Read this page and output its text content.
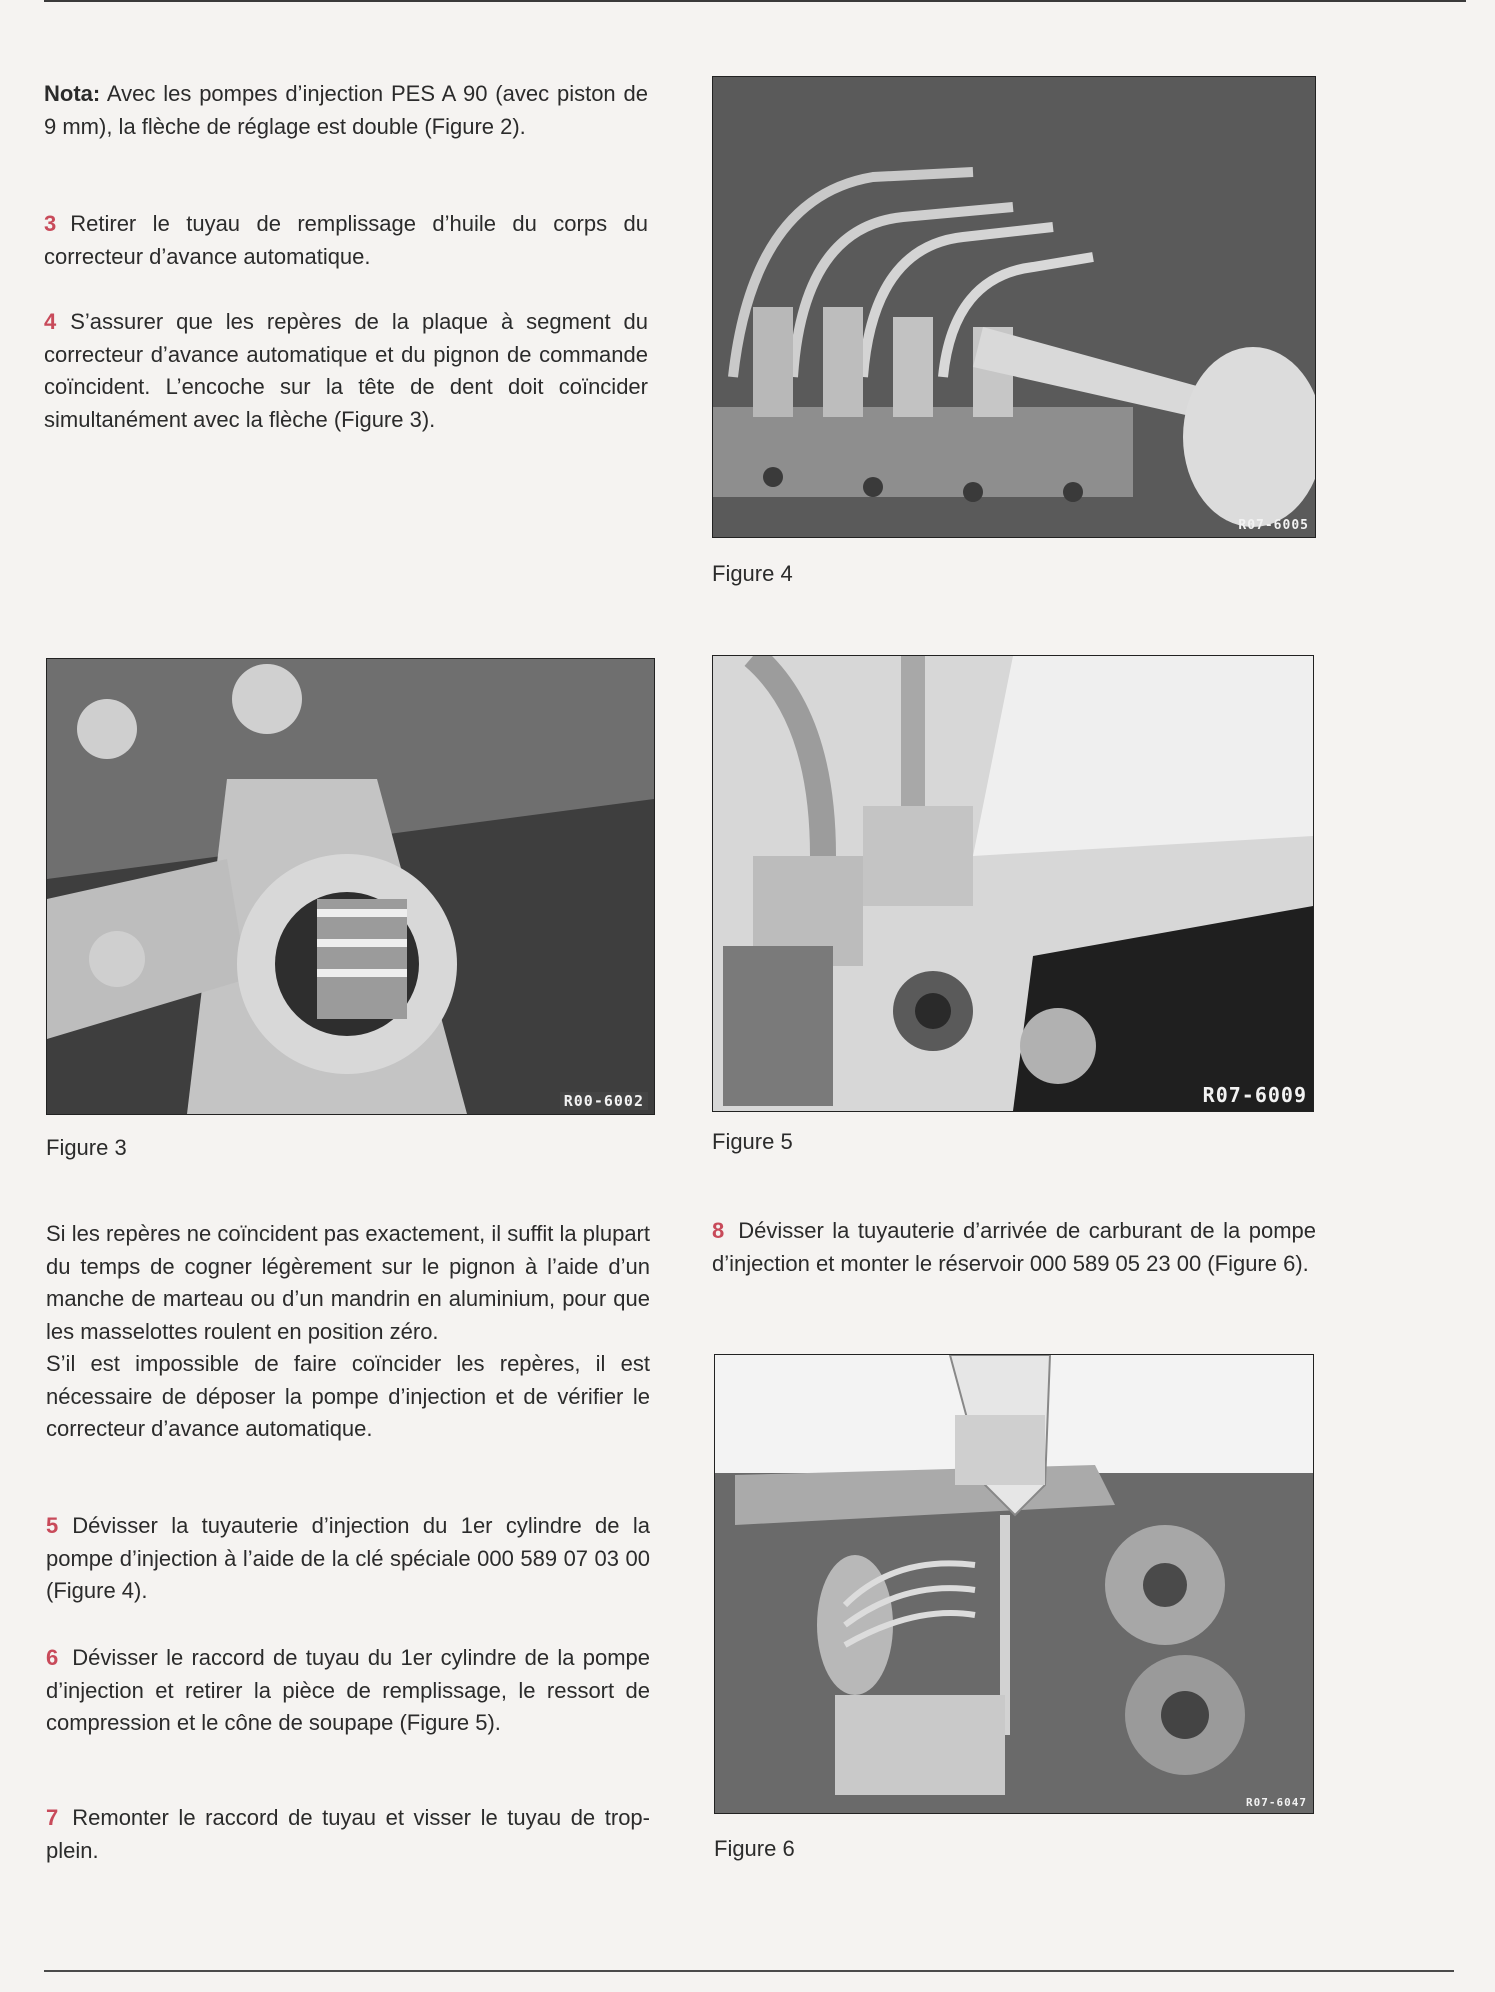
Nota: Avec les pompes d’injection PES A 90 (avec piston de 9 mm), la flèche de réglage est double (Figure 2).
3 Retirer le tuyau de remplissage d’huile du corps du correcteur d’avance automatique.
4 S’assurer que les repères de la plaque à segment du correcteur d’avance automatique et du pignon de commande coïncident. L’encoche sur la tête de dent doit coïncider simultanément avec la flèche (Figure 3).
R07-6005
Figure 4
R00-6002
Figure 3
R07-6009
Figure 5
Si les repères ne coïncident pas exactement, il suffit la plupart du temps de cogner légèrement sur le pignon à l’aide d’un manche de marteau ou d’un mandrin en aluminium, pour que les masselottes roulent en position zéro.
S’il est impossible de faire coïncider les repères, il est nécessaire de déposer la pompe d’injection et de vérifier le correcteur d’avance automatique.
5 Dévisser la tuyauterie d’injection du 1er cylindre de la pompe d’injection à l’aide de la clé spéciale 000 589 07 03 00 (Figure 4).
6 Dévisser le raccord de tuyau du 1er cylindre de la pompe d’injection et retirer la pièce de remplissage, le ressort de compression et le cône de soupape (Figure 5).
7 Remonter le raccord de tuyau et visser le tuyau de trop-plein.
8 Dévisser la tuyauterie d’arrivée de carburant de la pompe d’injection et monter le réservoir 000 589 05 23 00 (Figure 6).
R07-6047
Figure 6
